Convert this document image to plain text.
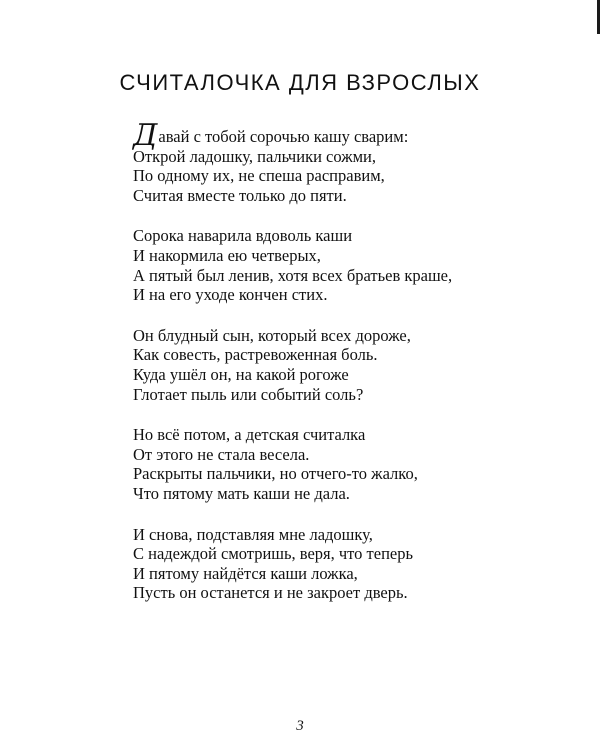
СЧИТАЛОЧКА ДЛЯ ВЗРОСЛЫХ
Давай с тобой сорочью кашу сварим:
Открой ладошку, пальчики сожми,
По одному их, не спеша расправим,
Считая вместе только до пяти.
Сорока наварила вдоволь каши
И накормила ею четверых,
А пятый был ленив, хотя всех братьев краше,
И на его уходе кончен стих.
Он блудный сын, который всех дороже,
Как совесть, растревоженная боль.
Куда ушёл он, на какой рогоже
Глотает пыль или событий соль?
Но всё потом, а детская считалка
От этого не стала весела.
Раскрыты пальчики, но отчего-то жалко,
Что пятому мать каши не дала.
И снова, подставляя мне ладошку,
С надеждой смотришь, веря, что теперь
И пятому найдётся каши ложка,
Пусть он останется и не закроет дверь.
3
